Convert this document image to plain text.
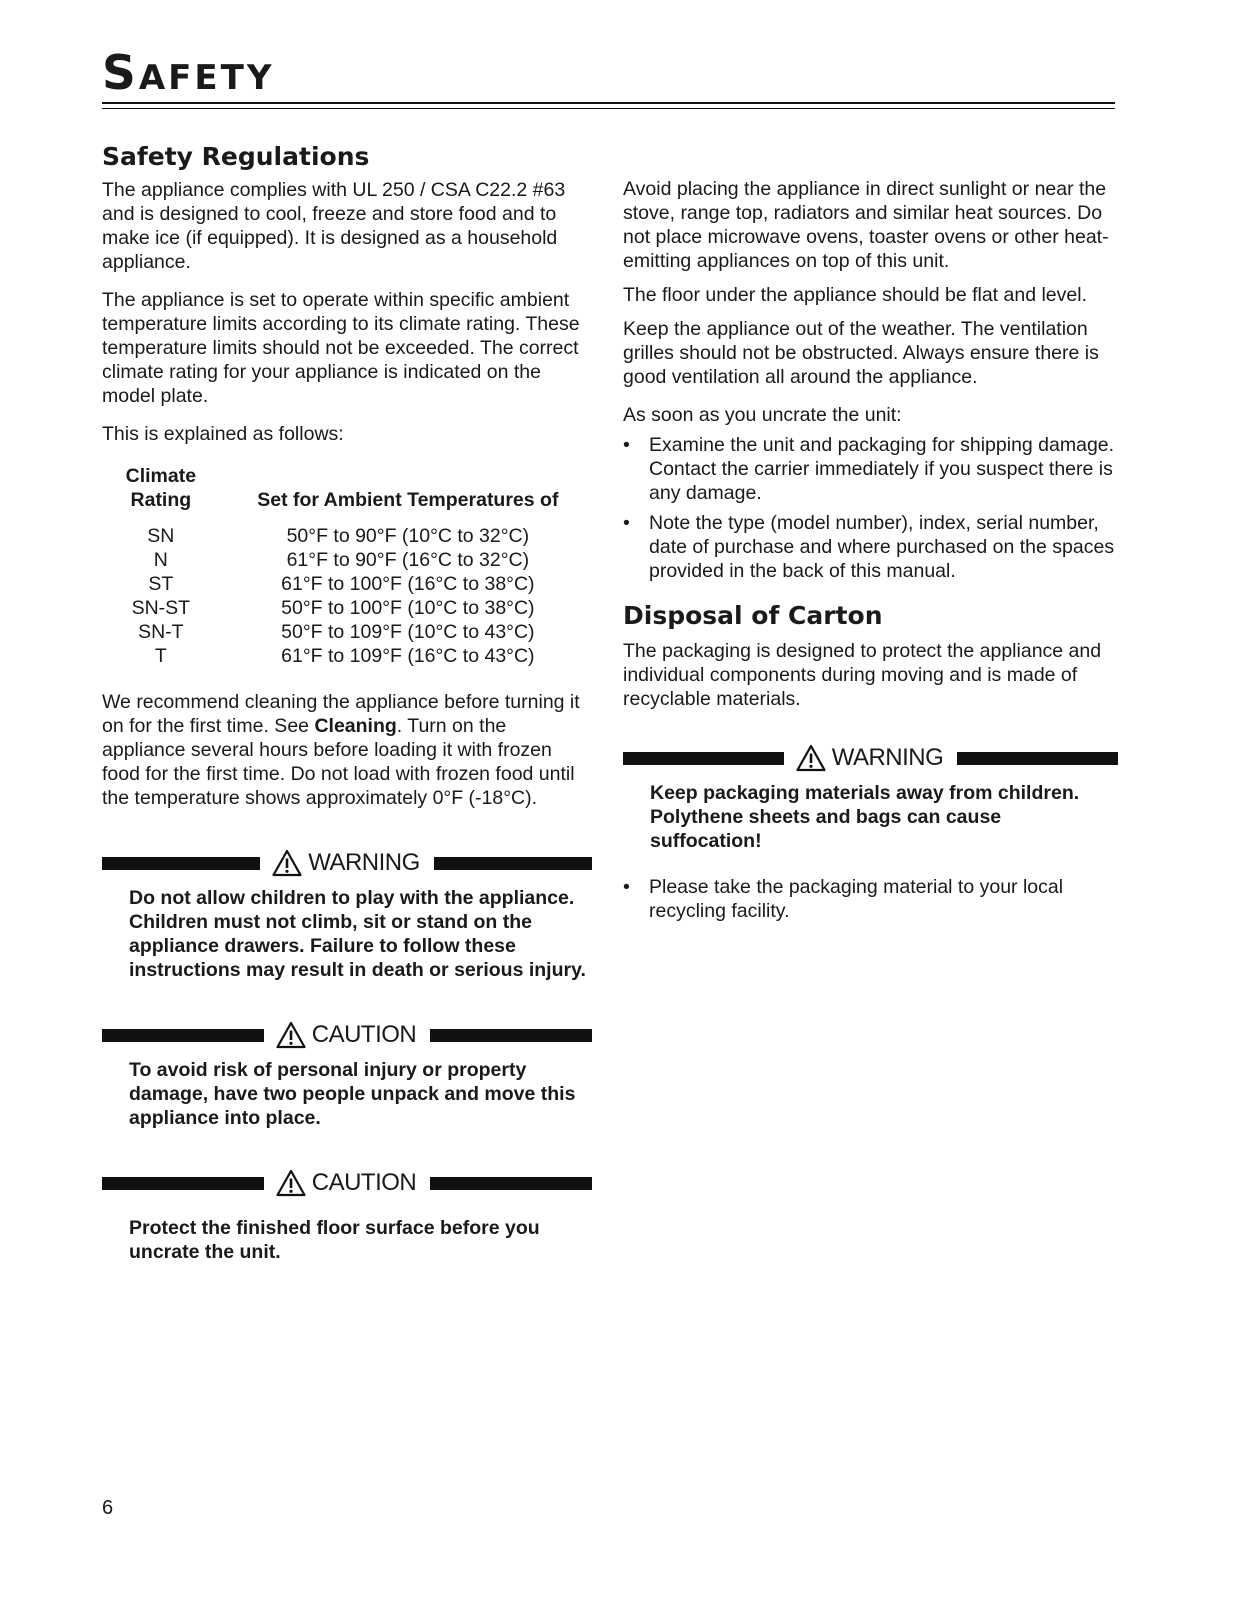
SAFETY
Safety Regulations

The appliance complies with UL 250 / CSA C22.2 #63 and is designed to cool, freeze and store food and to make ice (if equipped). It is designed as a household appliance.

The appliance is set to operate within specific ambient temperature limits according to its climate rating. These temperature limits should not be exceeded. The correct climate rating for your appliance is indicated on the model plate.

This is explained as follows:

Climate
Rating	Set for Ambient Temperatures of
SN	50°F to 90°F (10°C to 32°C)
N	61°F to 90°F (16°C to 32°C)
ST	61°F to 100°F (16°C to 38°C)
SN-ST	50°F to 100°F (10°C to 38°C)
SN-T	50°F to 109°F (10°C to 43°C)
T	61°F to 109°F (16°C to 43°C)

We recommend cleaning the appliance before turning it on for the first time. See Cleaning. Turn on the appliance several hours before loading it with frozen food for the first time. Do not load with frozen food until the temperature shows approximately 0°F (-18°C).

WARNING

Do not allow children to play with the appliance. Children must not climb, sit or stand on the appliance drawers. Failure to follow these instructions may result in death or serious injury.

CAUTION

To avoid risk of personal injury or property damage, have two people unpack and move this appliance into place.

CAUTION

Protect the finished floor surface before you uncrate the unit.

Avoid placing the appliance in direct sunlight or near the stove, range top, radiators and similar heat sources. Do not place microwave ovens, toaster ovens or other heat-emitting appliances on top of this unit.

The floor under the appliance should be flat and level.

Keep the appliance out of the weather. The ventilation grilles should not be obstructed. Always ensure there is good ventilation all around the appliance.

As soon as you uncrate the unit:

• Examine the unit and packaging for shipping damage. Contact the carrier immediately if you suspect there is any damage.
• Note the type (model number), index, serial number, date of purchase and where purchased on the spaces provided in the back of this manual.
Disposal of Carton

The packaging is designed to protect the appliance and individual components during moving and is made of recyclable materials.

WARNING

Keep packaging materials away from children. Polythene sheets and bags can cause suffocation!

• Please take the packaging material to your local recycling facility.
6
